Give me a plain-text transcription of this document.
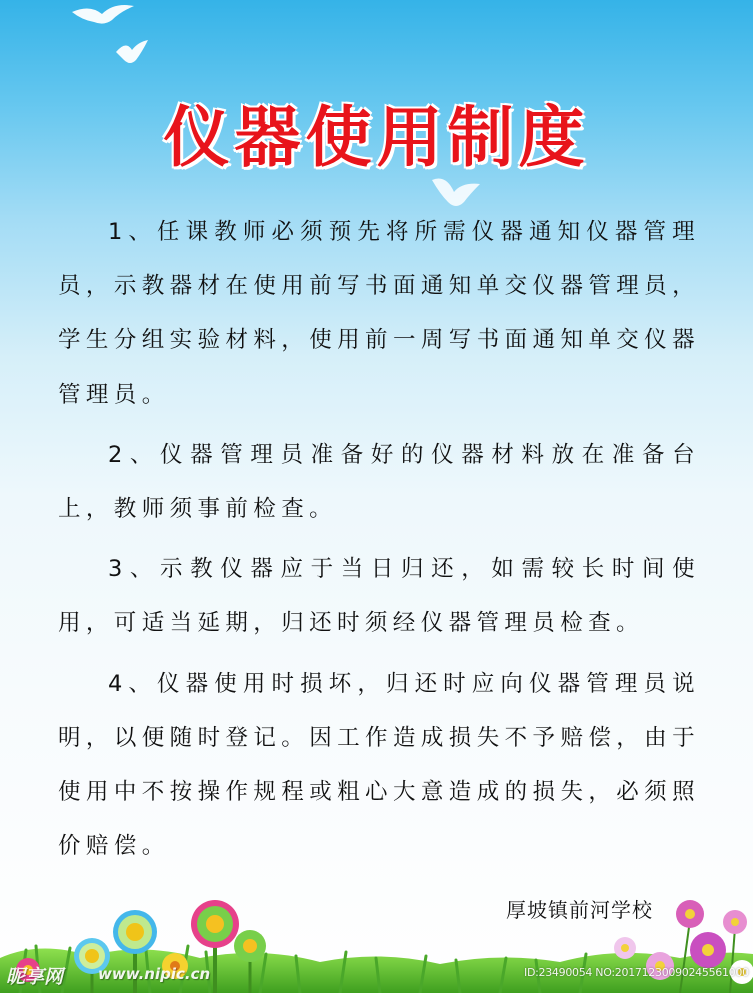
仪器使用制度

1、任课教师必须预先将所需仪器通知仪器管理员，示教器材在使用前写书面通知单交仪器管理员，学生分组实验材料，使用前一周写书面通知单交仪器管理员。

2、仪器管理员准备好的仪器材料放在准备台上，教师须事前检查。

3、示教仪器应于当日归还，如需较长时间使用，可适当延期，归还时须经仪器管理员检查。

4、仪器使用时损坏，归还时应向仪器管理员说明，以便随时登记。因工作造成损失不予赔偿，由于使用中不按操作规程或粗心大意造成的损失，必须照价赔偿。

厚坡镇前河学校
昵享网 www.nipic.cn	ID:23490054 NO:20171230090245561000
